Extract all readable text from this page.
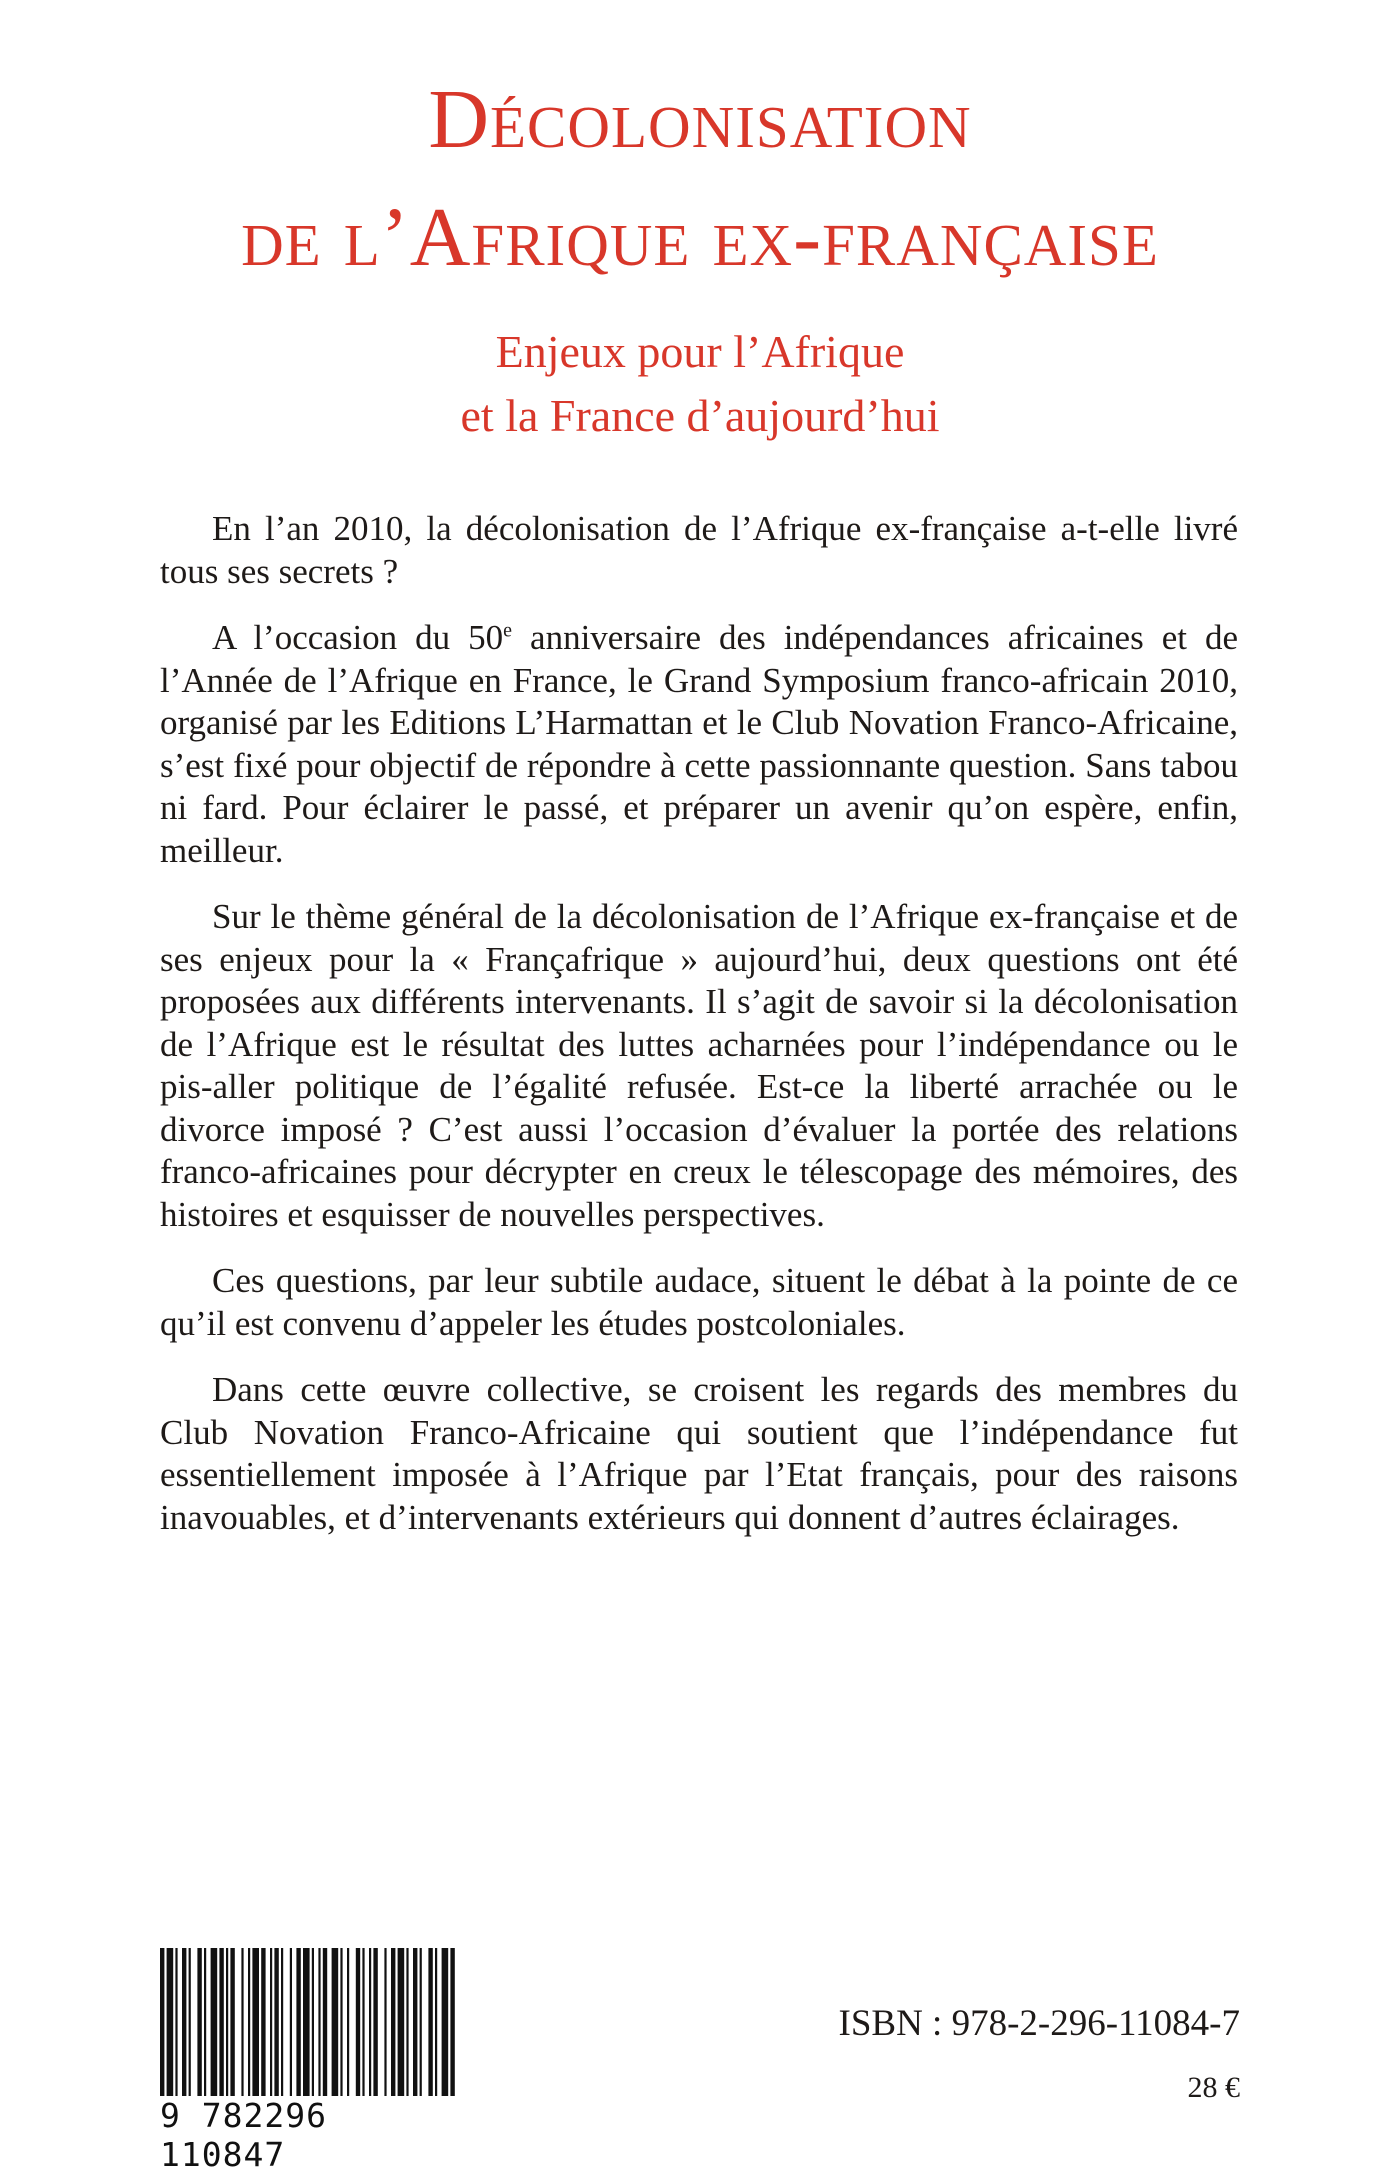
Décolonisation
de l’Afrique ex-française
Enjeux pour l’Afrique
et la France d’aujourd’hui

En l’an 2010, la décolonisation de l’Afrique ex-française a-t-elle livré tous ses secrets ?

A l’occasion du 50e anniversaire des indépendances africaines et de l’Année de l’Afrique en France, le Grand Symposium franco-africain 2010, organisé par les Editions L’Harmattan et le Club Novation Franco-Africaine, s’est fixé pour objectif de répondre à cette passionnante question. Sans tabou ni fard. Pour éclairer le passé, et préparer un avenir qu’on espère, enfin, meilleur.

Sur le thème général de la décolonisation de l’Afrique ex-française et de ses enjeux pour la « Françafrique » aujourd’hui, deux questions ont été proposées aux différents intervenants. Il s’agit de savoir si la décolonisation de l’Afrique est le résultat des luttes acharnées pour l’indépendance ou le pis-aller politique de l’égalité refusée. Est-ce la liberté arrachée ou le divorce imposé ? C’est aussi l’occasion d’évaluer la portée des relations franco-africaines pour décrypter en creux le télescopage des mémoires, des histoires et esquisser de nouvelles perspectives.

Ces questions, par leur subtile audace, situent le débat à la pointe de ce qu’il est convenu d’appeler les études postcoloniales.

Dans cette œuvre collective, se croisent les regards des membres du Club Novation Franco-Africaine qui soutient que l’indépendance fut essentiellement imposée à l’Afrique par l’Etat français, pour des raisons inavouables, et d’intervenants extérieurs qui donnent d’autres éclairages.

9 782296 110847
ISBN : 978-2-296-11084-7
28 €
